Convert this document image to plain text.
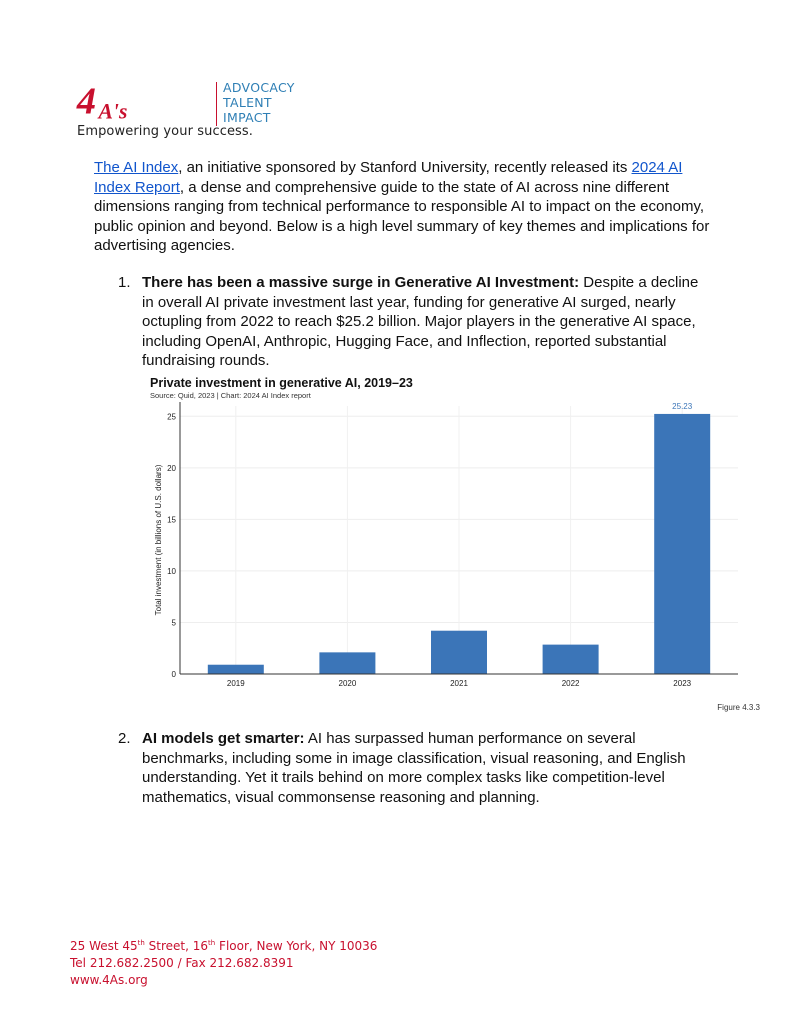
4 A's
ADVOCACY
TALENT
IMPACT
Empowering your success.

The AI Index, an initiative sponsored by Stanford University, recently released its 2024 AI Index Report, a dense and comprehensive guide to the state of AI across nine different dimensions ranging from technical performance to responsible AI to impact on the economy, public opinion and beyond. Below is a high level summary of key themes and implications for advertising agencies.

1. There has been a massive surge in Generative AI Investment: Despite a decline in overall AI private investment last year, funding for generative AI surged, nearly octupling from 2022 to reach $25.2 billion. Major players in the generative AI space, including OpenAI, Anthropic, Hugging Face, and Inflection, reported substantial fundraising rounds.
0
5
10
15
20
25
2019	2020	2021	2022	2023
25.23
Total investment (in billions of U.S. dollars)
Private investment in generative AI, 2019–23
Source: Quid, 2023 | Chart: 2024 AI Index report
Figure 4.3.3
2. AI models get smarter: AI has surpassed human performance on several benchmarks, including some in image classification, visual reasoning, and English understanding. Yet it trails behind on more complex tasks like competition-level mathematics, visual commonsense reasoning and planning.
25 West 45th Street, 16th Floor, New York, NY 10036
Tel 212.682.2500 / Fax 212.682.8391
www.4As.org
